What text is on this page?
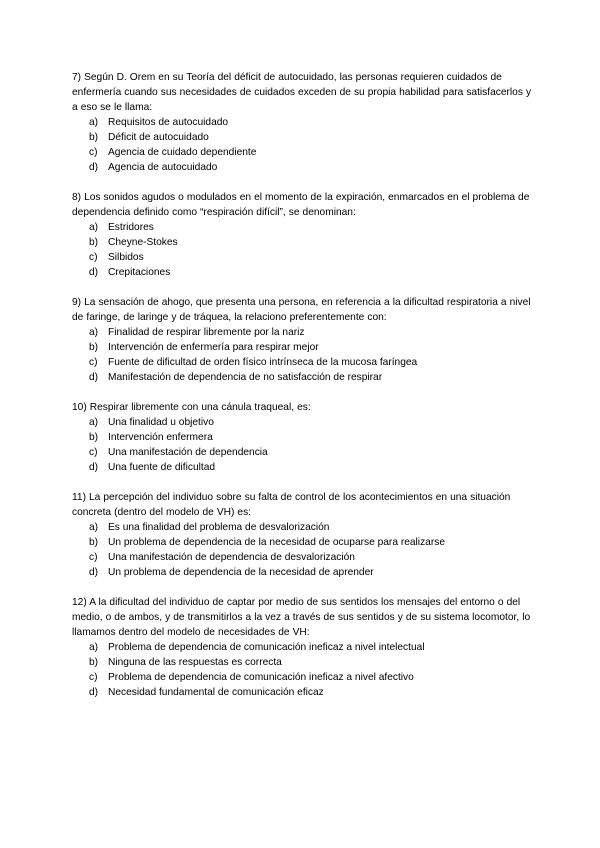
7) Según D. Orem en su Teoría del déficit de autocuidado, las personas requieren cuidados de enfermería cuando sus necesidades de cuidados exceden de su propia habilidad para satisfacerlos y a eso se le llama:

a) Requisitos de autocuidado
b) Déficit de autocuidado
c)	Agencia de cuidado dependiente
d) Agencia de autocuidado

8) Los sonidos agudos o modulados en el momento de la expiración, enmarcados en el problema de dependencia definido como “respiración difícil”, se denominan:

a) Estridores
b) Cheyne-Stokes
c)	Silbidos
d) Crepitaciones

9) La sensación de ahogo, que presenta una persona, en referencia a la dificultad respiratoria a nivel de faringe, de laringe y de tráquea, la relaciono preferentemente con:

a) Finalidad de respirar libremente por la nariz
b) Intervención de enfermería para respirar mejor
c)	Fuente de dificultad de orden físico intrínseca de la mucosa faríngea
d) Manifestación de dependencia de no satisfacción de respirar

10) Respirar libremente con una cánula traqueal, es:

a) Una finalidad u objetivo
b) Intervención enfermera
c)	Una manifestación de dependencia
d) Una fuente de dificultad

11) La percepción del individuo sobre su falta de control de los acontecimientos en una situación concreta (dentro del modelo de VH) es:

a) Es una finalidad del problema de desvalorización
b) Un problema de dependencia de la necesidad de ocuparse para realizarse
c)	Una manifestación de dependencia de desvalorización
d) Un problema de dependencia de la necesidad de aprender

12) A la dificultad del individuo de captar por medio de sus sentidos los mensajes del entorno o del medio, o de ambos, y de transmitirlos a la vez a través de sus sentidos y de su sistema locomotor, lo llamamos dentro del modelo de necesidades de VH:

a) Problema de dependencia de comunicación ineficaz a nivel intelectual
b) Ninguna de las respuestas es correcta
c)	Problema de dependencia de comunicación ineficaz a nivel afectivo
d) Necesidad fundamental de comunicación eficaz
